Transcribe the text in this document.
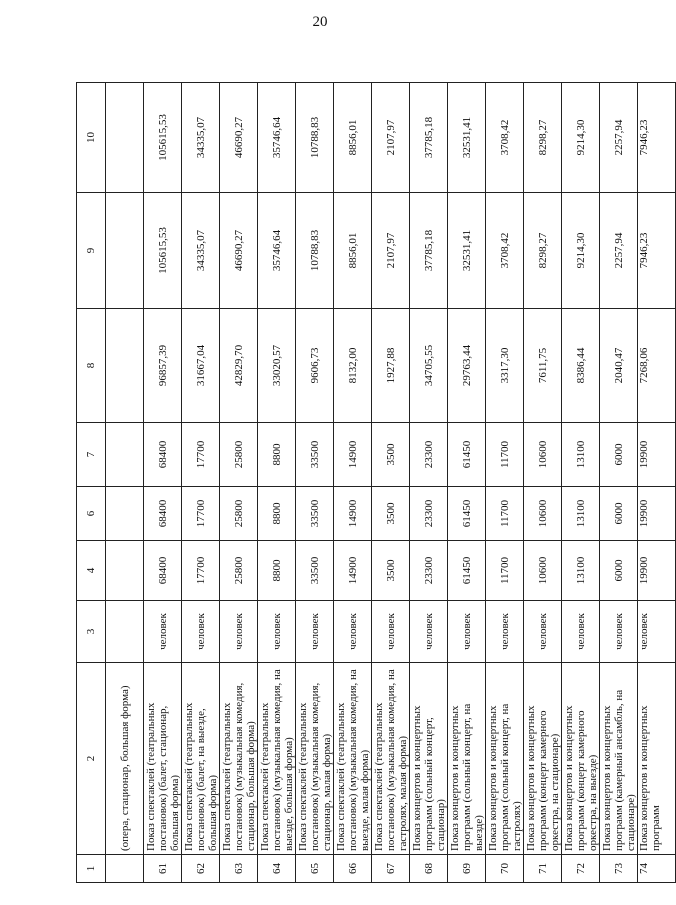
20
1	2	3	4	6	7	8	9	10
	(опера, стационар, большая форма)							
61	Показ спектаклей (театральных постановок) (балет, стационар, большая форма)	человек	68400	68400	68400	96857,39	105615,53	105615,53
62	Показ спектаклей (театральных постановок) (балет, на выезде, большая форма)	человек	17700	17700	17700	31667,04	34335,07	34335,07
63	Показ спектаклей (театральных постановок) (музыкальная комедия, стационар, большая форма)	человек	25800	25800	25800	42829,70	46690,27	46690,27
64	Показ спектаклей (театральных постановок) (музыкальная комедия, на выезде, большая форма)	человек	8800	8800	8800	33020,57	35746,64	35746,64
65	Показ спектаклей (театральных постановок) (музыкальная комедия, стационар, малая форма)	человек	33500	33500	33500	9606,73	10788,83	10788,83
66	Показ спектаклей (театральных постановок) (музыкальная комедия, на выезде, малая форма)	человек	14900	14900	14900	8132,00	8856,01	8856,01
67	Показ спектаклей (театральных постановок) (музыкальная комедия, на гастролях, малая форма)	человек	3500	3500	3500	1927,88	2107,97	2107,97
68	Показ концертов и концертных программ (сольный концерт, стационар)	человек	23300	23300	23300	34705,55	37785,18	37785,18
69	Показ концертов и концертных программ (сольный концерт, на выезде)	человек	61450	61450	61450	29763,44	32531,41	32531,41
70	Показ концертов и концертных программ (сольный концерт, на гастролях)	человек	11700	11700	11700	3317,30	3708,42	3708,42
71	Показ концертов и концертных программ (концерт камерного оркестра, на стационаре)	человек	10600	10600	10600	7611,75	8298,27	8298,27
72	Показ концертов и концертных программ (концерт камерного оркестра, на выезде)	человек	13100	13100	13100	8386,44	9214,30	9214,30
73	Показ концертов и концертных программ (камерный ансамбль, на стационаре)	человек	6000	6000	6000	2040,47	2257,94	2257,94
74	Показ концертов и концертных программ	человек	19900	19900	19900	7268,06	7946,23	7946,23
